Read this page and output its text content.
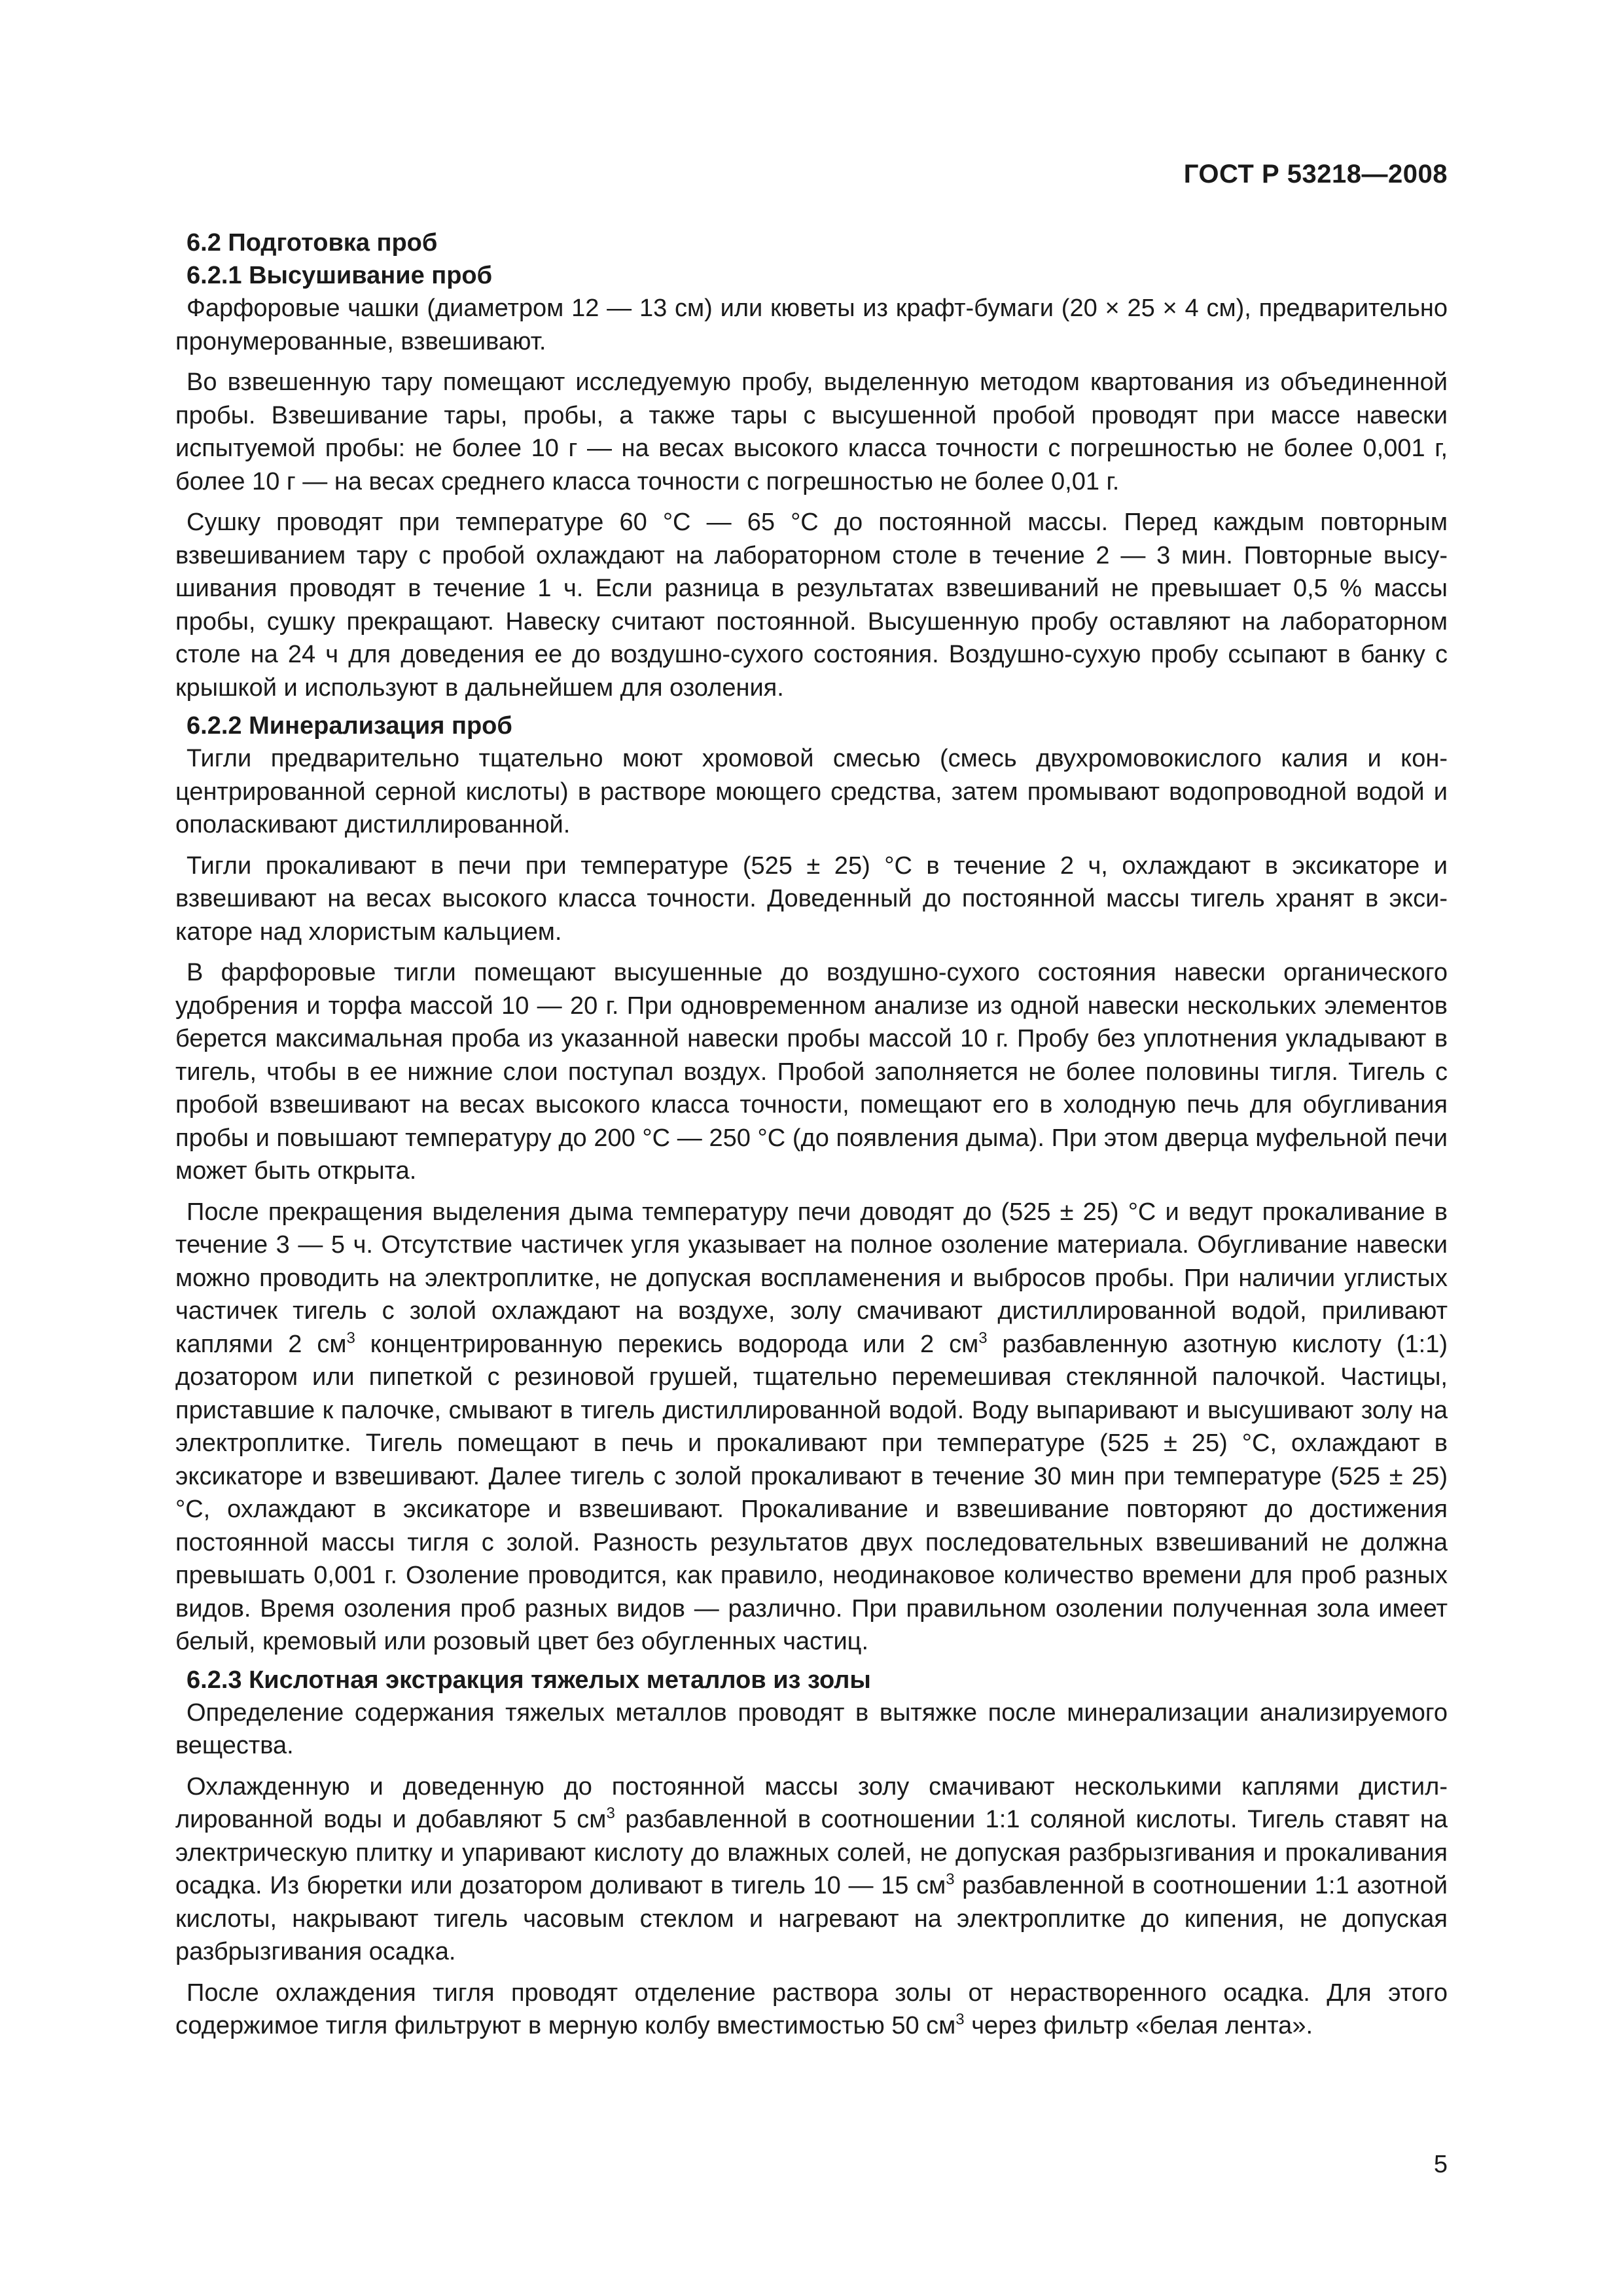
ГОСТ Р 53218—2008
6.2 Подготовка проб
6.2.1 Высушивание проб

Фарфоровые чашки (диаметром 12 — 13 см) или кюветы из крафт-бумаги (20 × 25 × 4 см), предварительно пронумерованные, взвешивают.

Во взвешенную тару помещают исследуемую пробу, выделенную методом квартования из объединенной пробы. Взвешивание тары, пробы, а также тары с высушенной пробой проводят при массе навески испытуемой пробы: не более 10 г — на весах высокого класса точности с погрешностью не более 0,001 г, более 10 г — на весах среднего класса точности с погрешностью не более 0,01 г.

Сушку проводят при температуре 60 °С — 65 °С до постоянной массы. Перед каждым повторным взвешиванием тару с пробой охлаждают на лабораторном столе в течение 2 — 3 мин. Повторные высушивания проводят в течение 1 ч. Если разница в результатах взвешиваний не превышает 0,5 % массы пробы, сушку прекращают. Навеску считают постоянной. Высушенную пробу оставляют на лабораторном столе на 24 ч для доведения ее до воздушно-сухого состояния. Воздушно-сухую пробу ссыпают в банку с крышкой и используют в дальнейшем для озоления.

6.2.2 Минерализация проб

Тигли предварительно тщательно моют хромовой смесью (смесь двухромовокислого калия и концентрированной серной кислоты) в растворе моющего средства, затем промывают водопроводной водой и ополаскивают дистиллированной.

Тигли прокаливают в печи при температуре (525 ± 25) °С в течение 2 ч, охлаждают в эксикаторе и взвешивают на весах высокого класса точности. Доведенный до постоянной массы тигель хранят в эксикаторе над хлористым кальцием.

В фарфоровые тигли помещают высушенные до воздушно-сухого состояния навески органического удобрения и торфа массой 10 — 20 г. При одновременном анализе из одной навески нескольких элементов берется максимальная проба из указанной навески пробы массой 10 г. Пробу без уплотнения укладывают в тигель, чтобы в ее нижние слои поступал воздух. Пробой заполняется не более половины тигля. Тигель с пробой взвешивают на весах высокого класса точности, помещают его в холодную печь для обугливания пробы и повышают температуру до 200 °С — 250 °С (до появления дыма). При этом дверца муфельной печи может быть открыта.

После прекращения выделения дыма температуру печи доводят до (525 ± 25) °С и ведут прокаливание в течение 3 — 5 ч. Отсутствие частичек угля указывает на полное озоление материала. Обугливание навески можно проводить на электроплитке, не допуская воспламенения и выбросов пробы. При наличии углистых частичек тигель с золой охлаждают на воздухе, золу смачивают дистиллированной водой, приливают каплями 2 $см^3$ концентрированную перекись водорода или 2 $см^3$ разбавленную азотную кислоту (1:1) дозатором или пипеткой с резиновой грушей, тщательно перемешивая стеклянной палочкой. Частицы, приставшие к палочке, смывают в тигель дистиллированной водой. Воду выпаривают и высушивают золу на электроплитке. Тигель помещают в печь и прокаливают при температуре (525 ± 25) °С, охлаждают в эксикаторе и взвешивают. Далее тигель с золой прокаливают в течение 30 мин при температуре (525 ± 25) °С, охлаждают в эксикаторе и взвешивают. Прокаливание и взвешивание повторяют до достижения постоянной массы тигля с золой. Разность результатов двух последовательных взвешиваний не должна превышать 0,001 г. Озоление проводится, как правило, неодинаковое количество времени для проб разных видов. Время озоления проб разных видов — различно. При правильном озолении полученная зола имеет белый, кремовый или розовый цвет без обугленных частиц.

6.2.3 Кислотная экстракция тяжелых металлов из золы

Определение содержания тяжелых металлов проводят в вытяжке после минерализации анализируемого вещества.

Охлажденную и доведенную до постоянной массы золу смачивают несколькими каплями дистиллированной воды и добавляют 5 $см^3$ разбавленной в соотношении 1:1 соляной кислоты. Тигель ставят на электрическую плитку и упаривают кислоту до влажных солей, не допуская разбрызгивания и прокаливания осадка. Из бюретки или дозатором доливают в тигель 10 — 15 $см^3$ разбавленной в соотношении 1:1 азотной кислоты, накрывают тигель часовым стеклом и нагревают на электроплитке до кипения, не допуская разбрызгивания осадка.

После охлаждения тигля проводят отделение раствора золы от нерастворенного осадка. Для этого содержимое тигля фильтруют в мерную колбу вместимостью 50 $см^3$ через фильтр «белая лента».

5
